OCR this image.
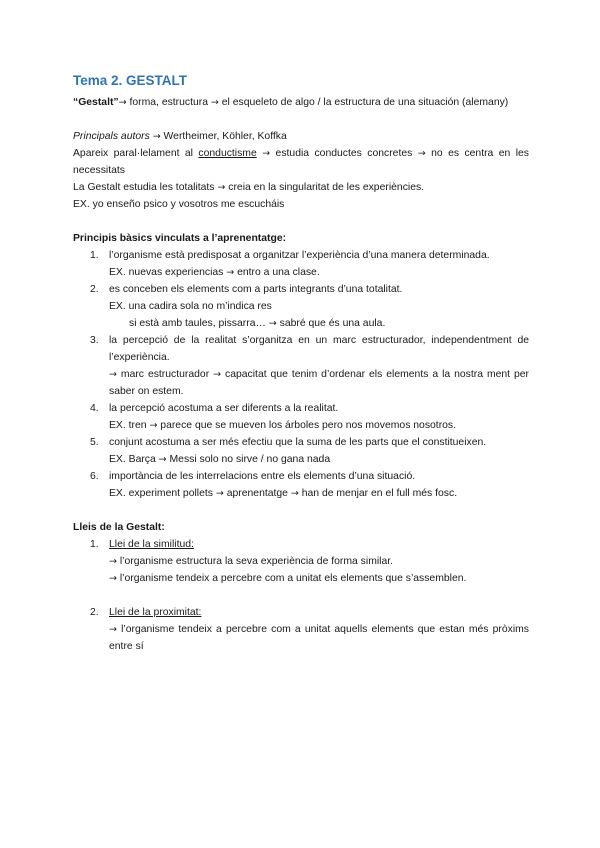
Tema 2. GESTALT

“Gestalt”→ forma, estructura → el esqueleto de algo / la estructura de una situación (alemany)

Principals autors → Wertheimer, Köhler, Koffka

Apareix paral·lelament al conductisme → estudia conductes concretes → no es centra en les necessitats

La Gestalt estudia les totalitats → creia en la singularitat de les experiències.

EX. yo enseño psico y vosotros me escucháis

Principis bàsics vinculats a l’aprenentatge:

1. l’organisme està predisposat a organitzar l’experiència d’una manera determinada.
EX. nuevas experiencias → entro a una clase.
2. es conceben els elements com a parts integrants d’una totalitat.
EX. una cadira sola no m’indica res
si està amb taules, pissarra… → sabré que és una aula.
3. la percepció de la realitat s’organitza en un marc estructurador, independentment de l’experiència.
→ marc estructurador → capacitat que tenim d’ordenar els elements a la nostra ment per saber on estem.
4. la percepció acostuma a ser diferents a la realitat.
EX. tren → parece que se mueven los árboles pero nos movemos nosotros.
5. conjunt acostuma a ser més efectiu que la suma de les parts que el constitueixen.
EX. Barça → Messi solo no sirve / no gana nada
6. importància de les interrelacions entre els elements d’una situació.
EX. experiment pollets → aprenentatge → han de menjar en el full més fosc.

Lleis de la Gestalt:

1. Llei de la similitud:
→ l’organisme estructura la seva experiència de forma similar.
→ l’organisme tendeix a percebre com a unitat els elements que s’assemblen.
2. Llei de la proximitat:
→ l’organisme tendeix a percebre com a unitat aquells elements que estan més pròxims entre sí
